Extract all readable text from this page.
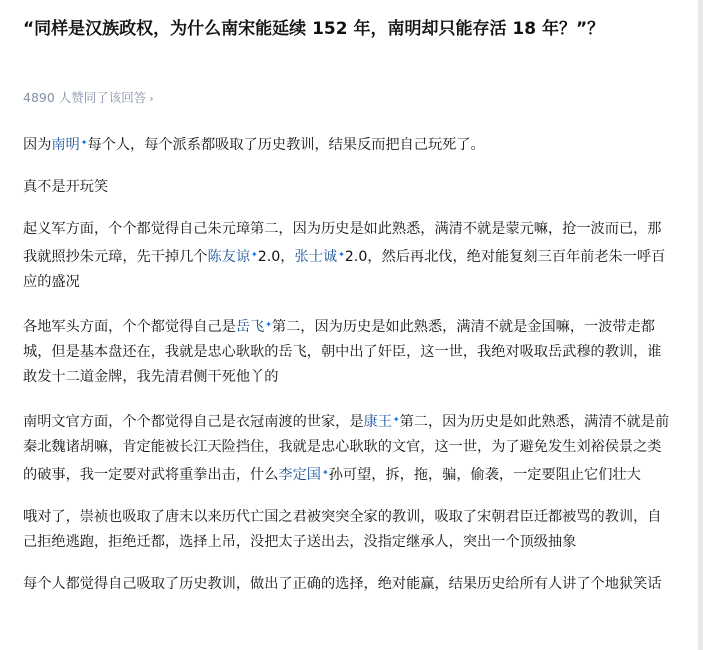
“同样是汉族政权，为什么南宋能延续 152 年，南明却只能存活 18 年？”？
4890 人赞同了该回答 ›

因为南明✦每个人，每个派系都吸取了历史教训，结果反而把自己玩死了。

真不是开玩笑

起义军方面，个个都觉得自己朱元璋第二，因为历史是如此熟悉，满清不就是蒙元嘛，抢一波而已，那我就照抄朱元璋，先干掉几个陈友谅✦2.0，张士诚✦2.0，然后再北伐，绝对能复刻三百年前老朱一呼百应的盛况

各地军头方面，个个都觉得自己是岳飞✦第二，因为历史是如此熟悉，满清不就是金国嘛，一波带走都城，但是基本盘还在，我就是忠心耿耿的岳飞，朝中出了奸臣，这一世，我绝对吸取岳武穆的教训，谁敢发十二道金牌，我先清君侧干死他丫的

南明文官方面，个个都觉得自己是衣冠南渡的世家，是康王✦第二，因为历史是如此熟悉，满清不就是前秦北魏诸胡嘛，肯定能被长江天险挡住，我就是忠心耿耿的文官，这一世，为了避免发生刘裕侯景之类的破事，我一定要对武将重拳出击，什么李定国✦孙可望，拆，拖，骗，偷袭，一定要阻止它们壮大

哦对了，崇祯也吸取了唐末以来历代亡国之君被突突全家的教训，吸取了宋朝君臣迁都被骂的教训，自己拒绝逃跑，拒绝迁都，选择上吊，没把太子送出去，没指定继承人，突出一个顶级抽象

每个人都觉得自己吸取了历史教训，做出了正确的选择，绝对能赢，结果历史给所有人讲了个地狱笑话
